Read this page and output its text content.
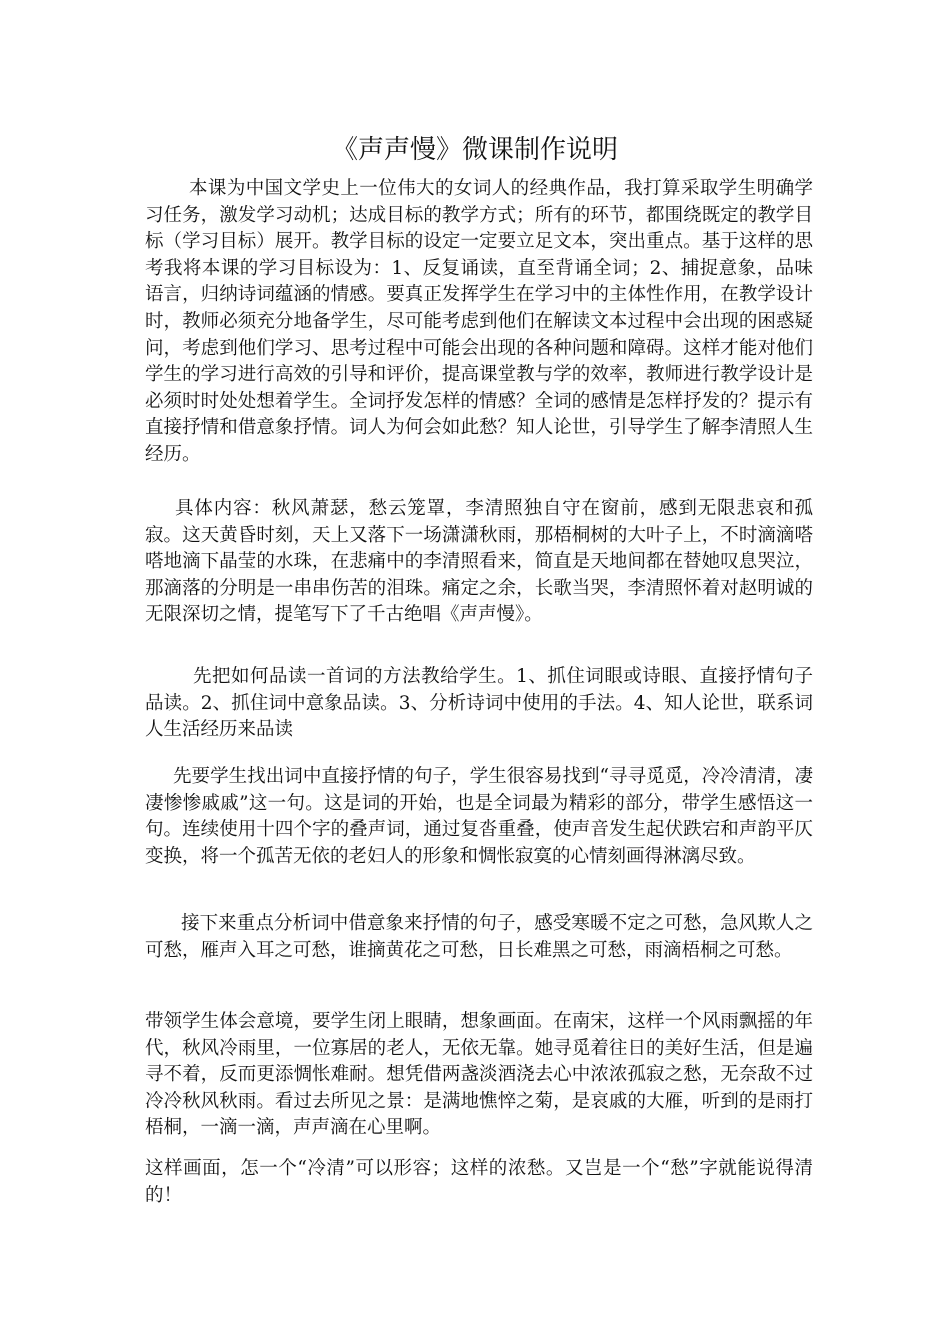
《声声慢》微课制作说明

本课为中国文学史上一位伟大的女词人的经典作品，我打算采取学生明确学习任务，激发学习动机；达成目标的教学方式；所有的环节，都围绕既定的教学目标（学习目标）展开。教学目标的设定一定要立足文本，突出重点。基于这样的思考我将本课的学习目标设为：1、反复诵读，直至背诵全词；2、捕捉意象，品味语言，归纳诗词蕴涵的情感。要真正发挥学生在学习中的主体性作用，在教学设计时，教师必须充分地备学生，尽可能考虑到他们在解读文本过程中会出现的困惑疑问，考虑到他们学习、思考过程中可能会出现的各种问题和障碍。这样才能对他们学生的学习进行高效的引导和评价，提高课堂教与学的效率，教师进行教学设计是必须时时处处想着学生。全词抒发怎样的情感？全词的感情是怎样抒发的？提示有直接抒情和借意象抒情。词人为何会如此愁？知人论世，引导学生了解李清照人生经历。

具体内容：秋风萧瑟，愁云笼罩，李清照独自守在窗前，感到无限悲哀和孤寂。这天黄昏时刻，天上又落下一场潇潇秋雨，那梧桐树的大叶子上，不时滴滴嗒嗒地滴下晶莹的水珠，在悲痛中的李清照看来，简直是天地间都在替她叹息哭泣，那滴落的分明是一串串伤苦的泪珠。痛定之余，长歌当哭，李清照怀着对赵明诚的无限深切之情，提笔写下了千古绝唱《声声慢》。

先把如何品读一首词的方法教给学生。1、抓住词眼或诗眼、直接抒情句子品读。2、抓住词中意象品读。3、分析诗词中使用的手法。4、知人论世，联系词人生活经历来品读

先要学生找出词中直接抒情的句子，学生很容易找到“寻寻觅觅，冷冷清清，凄凄惨惨戚戚”这一句。这是词的开始，也是全词最为精彩的部分，带学生感悟这一句。连续使用十四个字的叠声词，通过复沓重叠，使声音发生起伏跌宕和声韵平仄变换，将一个孤苦无依的老妇人的形象和惆怅寂寞的心情刻画得淋漓尽致。

接下来重点分析词中借意象来抒情的句子，感受寒暖不定之可愁，急风欺人之可愁，雁声入耳之可愁，谁摘黄花之可愁，日长难黑之可愁，雨滴梧桐之可愁。

带领学生体会意境，要学生闭上眼睛，想象画面。在南宋，这样一个风雨飘摇的年代，秋风冷雨里，一位寡居的老人，无依无靠。她寻觅着往日的美好生活，但是遍寻不着，反而更添惆怅难耐。想凭借两盏淡酒浇去心中浓浓孤寂之愁，无奈敌不过冷冷秋风秋雨。看过去所见之景：是满地憔悴之菊，是哀戚的大雁，听到的是雨打梧桐，一滴一滴，声声滴在心里啊。

这样画面，怎一个“冷清”可以形容；这样的浓愁。又岂是一个“愁”字就能说得清的！
